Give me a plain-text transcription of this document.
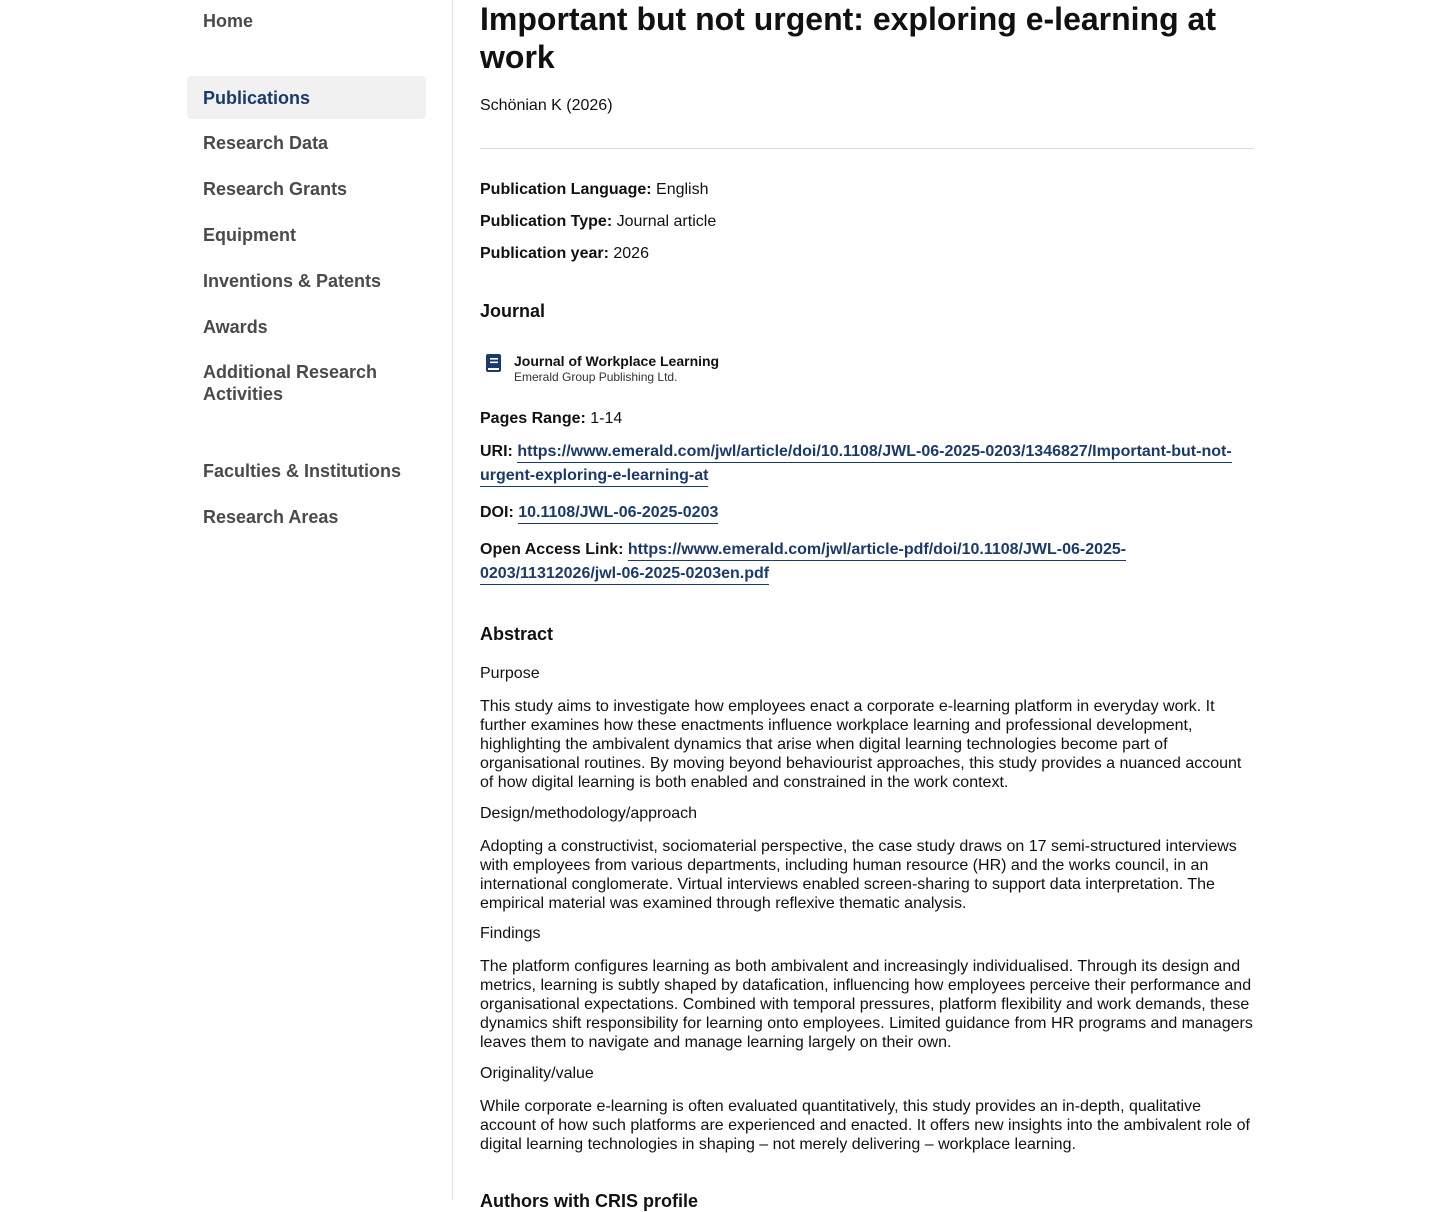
Home
Publications
Research Data
Research Grants
Equipment
Inventions & Patents
Awards
Additional Research Activities
Faculties & Institutions
Research Areas
Important but not urgent: exploring e-learning at work
Schönian K (2026)
Publication Language: English
Publication Type: Journal article
Publication year: 2026
Journal
Journal of Workplace Learning
Emerald Group Publishing Ltd.
Pages Range: 1-14
URI: https://www.emerald.com/jwl/article/doi/10.1108/JWL-06-2025-0203/1346827/Important-but-not-urgent-exploring-e-learning-at
DOI: 10.1108/JWL-06-2025-0203
Open Access Link: https://www.emerald.com/jwl/article-pdf/doi/10.1108/JWL-06-2025-0203/11312026/jwl-06-2025-0203en.pdf
Abstract
Purpose

This study aims to investigate how employees enact a corporate e-learning platform in everyday work. It further examines how these enactments influence workplace learning and professional development, highlighting the ambivalent dynamics that arise when digital learning technologies become part of organisational routines. By moving beyond behaviourist approaches, this study provides a nuanced account of how digital learning is both enabled and constrained in the work context.

Design/methodology/approach

Adopting a constructivist, sociomaterial perspective, the case study draws on 17 semi-structured interviews with employees from various departments, including human resource (HR) and the works council, in an international conglomerate. Virtual interviews enabled screen-sharing to support data interpretation. The empirical material was examined through reflexive thematic analysis.

Findings

The platform configures learning as both ambivalent and increasingly individualised. Through its design and metrics, learning is subtly shaped by datafication, influencing how employees perceive their performance and organisational expectations. Combined with temporal pressures, platform flexibility and work demands, these dynamics shift responsibility for learning onto employees. Limited guidance from HR programs and managers leaves them to navigate and manage learning largely on their own.

Originality/value

While corporate e-learning is often evaluated quantitatively, this study provides an in-depth, qualitative account of how such platforms are experienced and enacted. It offers new insights into the ambivalent role of digital learning technologies in shaping – not merely delivering – workplace learning.

Authors with CRIS profile
